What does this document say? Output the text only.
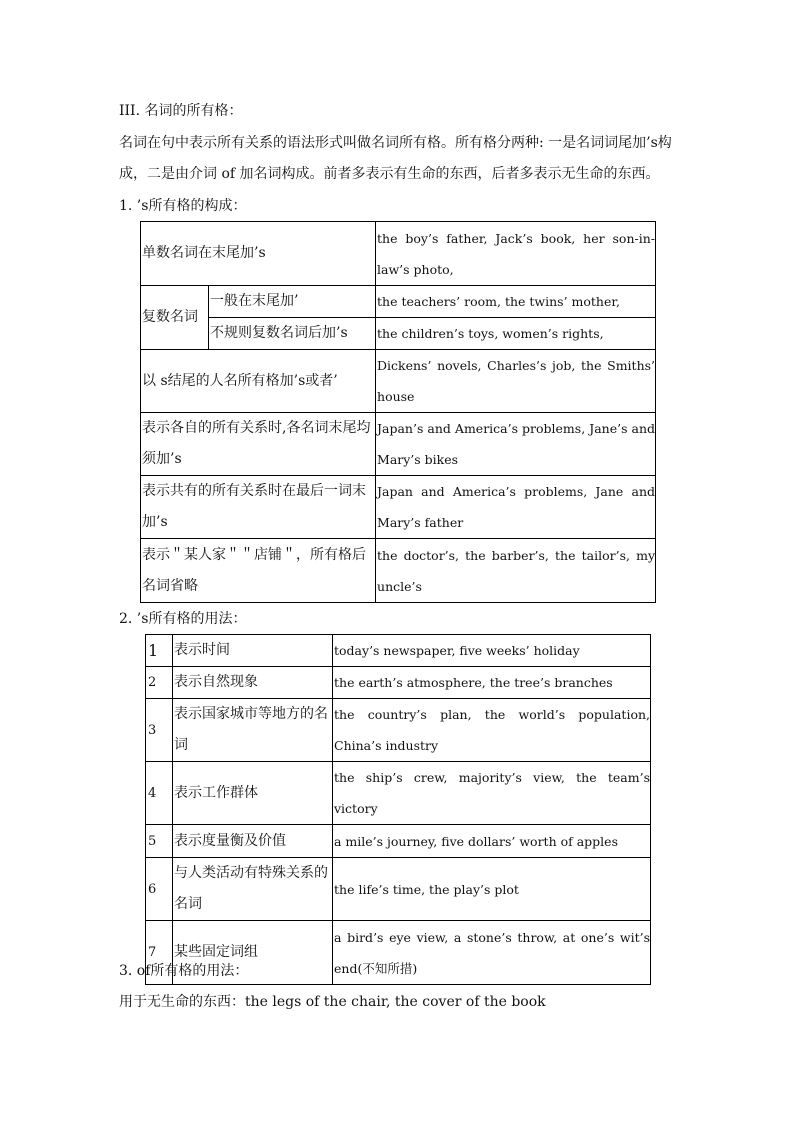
III. 名词的所有格：
名词在句中表示所有关系的语法形式叫做名词所有格。所有格分两种: 一是名词词尾加’s构成，二是由介词 of 加名词构成。前者多表示有生命的东西，后者多表示无生命的东西。
1. ’s所有格的构成：
单数名词在末尾加’s		the boy’s father, Jack’s book, her son-in-law’s photo,
复数名词	一般在末尾加’	the teachers’ room, the twins’ mother,
	不规则复数名词后加’s	the children’s toys, women’s rights,
以 s结尾的人名所有格加’s或者’		Dickens’ novels, Charles’s job, the Smiths’ house
表示各自的所有关系时,各名词末尾均须加’s		Japan’s and America’s problems, Jane’s and Mary’s bikes
表示共有的所有关系时在最后一词末加’s		Japan and America’s problems, Jane and Mary’s father
表示＂某人家＂＂店铺＂，所有格后名词省略		the doctor’s, the barber’s, the tailor’s, my uncle’s
2. ’s所有格的用法：
1	表示时间	today’s newspaper, five weeks’ holiday
2	表示自然现象	the earth’s atmosphere, the tree’s branches
3	表示国家城市等地方的名词	the country’s plan, the world’s population, China’s industry
4	表示工作群体	the ship’s crew, majority’s view, the team’s victory
5	表示度量衡及价值	a mile’s journey, five dollars’ worth of apples
6	与人类活动有特殊关系的名词	the life’s time, the play’s plot
7	某些固定词组	a bird’s eye view, a stone’s throw, at one’s wit’s end(不知所措)
3. of所有格的用法：
用于无生命的东西：the legs of the chair, the cover of the book
